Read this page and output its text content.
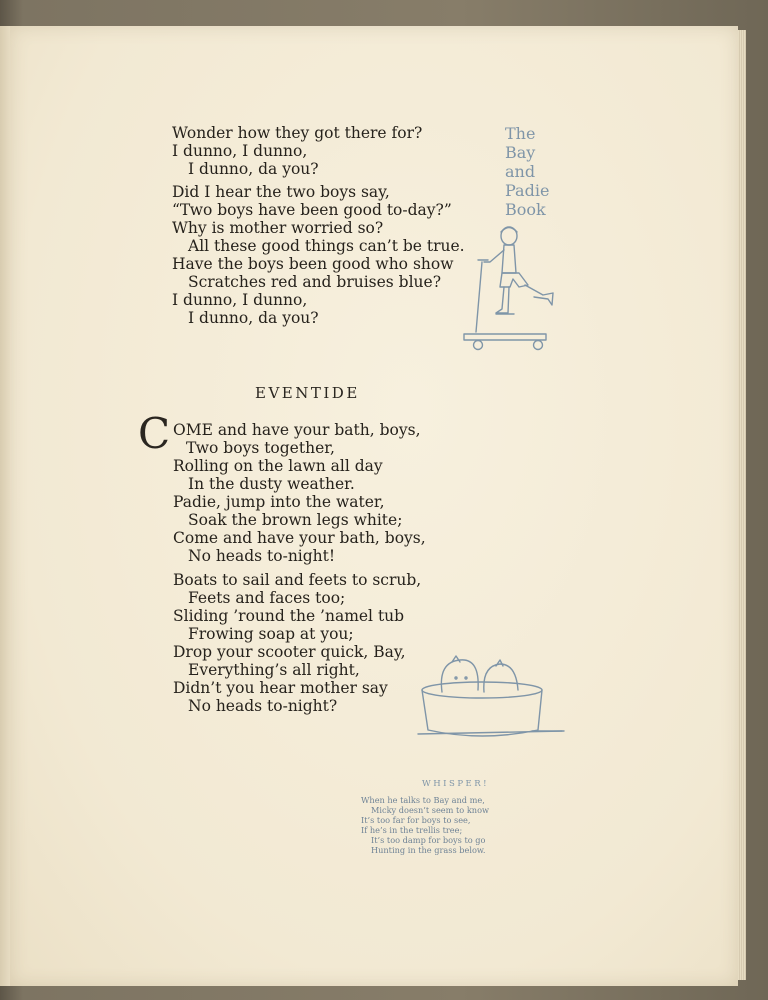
Wonder how they got there for?
I dunno, I dunno,
I dunno, da you?
Did I hear the two boys say,
“Two boys have been good to-day?”
Why is mother worried so?
All these good things can’t be true.
Have the boys been good who show
Scratches red and bruises blue?
I dunno, I dunno,
I dunno, da you?
The
Bay
and
Padie
Book
EVENTIDE
C OME and have your bath, boys,
Two boys together,
Rolling on the lawn all day
In the dusty weather.
Padie, jump into the water,
Soak the brown legs white;
Come and have your bath, boys,
No heads to-night!
Boats to sail and feets to scrub,
Feets and faces too;
Sliding ’round the ’namel tub
Frowing soap at you;
Drop your scooter quick, Bay,
Everything’s all right,
Didn’t you hear mother say
No heads to-night?
WHISPER!
When he talks to Bay and me,
Micky doesn’t seem to know
It’s too far for boys to see,
If he’s in the trellis tree;
It’s too damp for boys to go
Hunting in the grass below.
